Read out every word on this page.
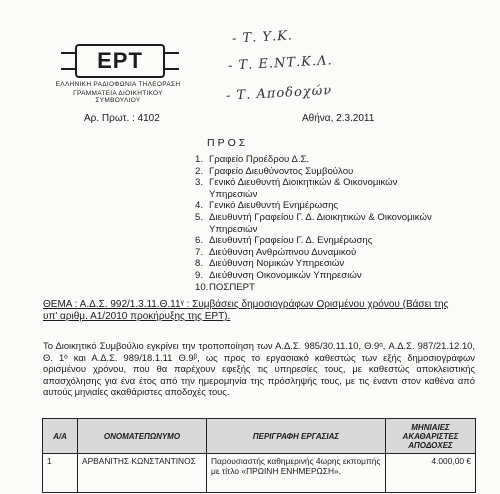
ΕΡΤ
ΕΛΛΗΝΙΚΗ ΡΑΔΙΟΦΩΝΙΑ ΤΗΛΕΟΡΑΣΗ
ΓΡΑΜΜΑΤΕΙΑ ΔΙΟΙΚΗΤΙΚΟΥ ΣΥΜΒΟΥΛΙΟΥ
- Τ. Υ.Κ.
- Τ. Ε.ΝΤ.Κ.Λ.
- Τ. Αποδοχών
Αρ. Πρωτ. : 4102	Αθήνα, 2.3.2011
ΠΡΟΣ
1. Γραφείο Προέδρου Δ.Σ.
2. Γραφείο Διευθύνοντος Συμβούλου
3. Γενικό Διευθυντή Διοικητικών & Οικονομικών Υπηρεσιών
4. Γενικό Διευθυντή Ενημέρωσης
5. Διευθυντή Γραφείου Γ. Δ. Διοικητικών & Οικονομικών Υπηρεσιών
6. Διευθυντή Γραφείου Γ. Δ. Ενημέρωσης
7. Διεύθυνση Ανθρώπινου Δυναμικού
8. Διεύθυνση Νομικών Υπηρεσιών
9. Διεύθυνση Οικονομικών Υπηρεσιών
10. ΠΟΣΠΕΡΤ
ΘΕΜΑ : Α.Δ.Σ. 992/1.3.11.Θ.11ᵞ : Συμβάσεις δημοσιογράφων Ορισμένου χρόνου (Βάσει της υπ' αριθμ. Α1/2010 προκήρυξης της ΕΡΤ).
Το Διοικητικό Συμβούλιο εγκρίνει την τροποποίηση των Α.Δ.Σ. 985/30.11.10, Θ.9ᵅ, Α.Δ.Σ. 987/21.12.10, Θ. 1ᵒ και Α.Δ.Σ. 989/18.1.11 Θ.9ᵝ, ως προς το εργασιακό καθεστώς των εξής δημοσιογράφων ορισμένου χρόνου, που θα παρέχουν εφεξής τις υπηρεσίες τους, με καθεστώς αποκλειστικής απασχόλησης για ένα έτος από την ημερομηνία της πρόσληψής τους, με τις έναντι στον καθένα από αυτούς μηνιαίες ακαθάριστες αποδοχές τους.
Α/Α	ΟΝΟΜΑΤΕΠΩΝΥΜΟ	ΠΕΡΙΓΡΑΦΗ ΕΡΓΑΣΙΑΣ	ΜΗΝΙΑΙΕΣ ΑΚΑΘΑΡΙΣΤΕΣ ΑΠΟΔΟΧΕΣ
1	ΑΡΒΑΝΙΤΗΣ ΚΩΝΣΤΑΝΤΙΝΟΣ	Παρουσιαστής καθημερινής 4ωρης εκπομπής με τίτλο «ΠΡΩΙΝΗ ΕΝΗΜΕΡΩΣΗ».	4.000,00 €
